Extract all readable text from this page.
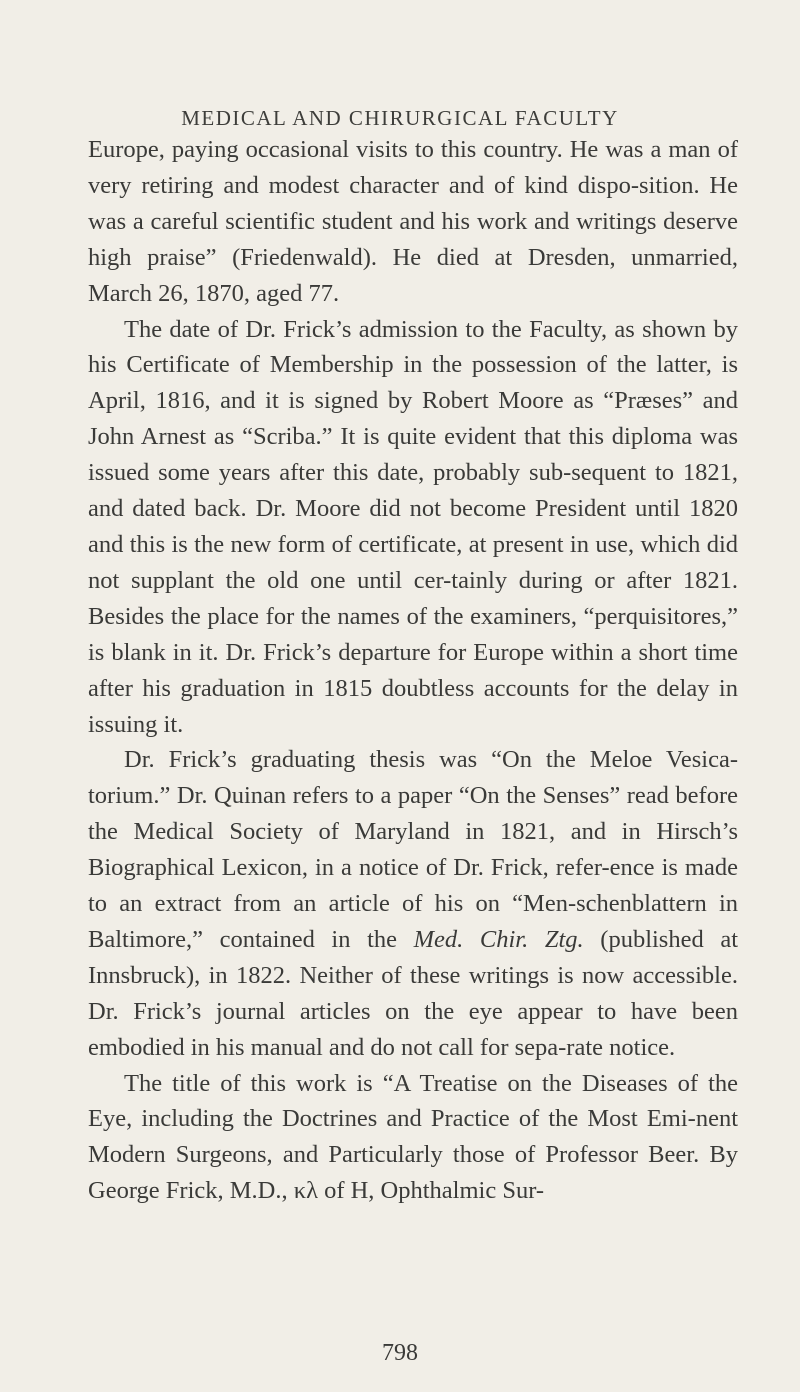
MEDICAL AND CHIRURGICAL FACULTY

Europe, paying occasional visits to this country. He was a man of very retiring and modest character and of kind dispo-sition. He was a careful scientific student and his work and writings deserve high praise” (Friedenwald). He died at Dresden, unmarried, March 26, 1870, aged 77.

The date of Dr. Frick’s admission to the Faculty, as shown by his Certificate of Membership in the possession of the latter, is April, 1816, and it is signed by Robert Moore as “Præses” and John Arnest as “Scriba.” It is quite evident that this diploma was issued some years after this date, probably sub-sequent to 1821, and dated back. Dr. Moore did not become President until 1820 and this is the new form of certificate, at present in use, which did not supplant the old one until cer-tainly during or after 1821. Besides the place for the names of the examiners, “perquisitores,” is blank in it. Dr. Frick’s departure for Europe within a short time after his graduation in 1815 doubtless accounts for the delay in issuing it.

Dr. Frick’s graduating thesis was “On the Meloe Vesica-torium.” Dr. Quinan refers to a paper “On the Senses” read before the Medical Society of Maryland in 1821, and in Hirsch’s Biographical Lexicon, in a notice of Dr. Frick, refer-ence is made to an extract from an article of his on “Men-schenblattern in Baltimore,” contained in the Med. Chir. Ztg. (published at Innsbruck), in 1822. Neither of these writings is now accessible. Dr. Frick’s journal articles on the eye appear to have been embodied in his manual and do not call for sepa-rate notice.

The title of this work is “A Treatise on the Diseases of the Eye, including the Doctrines and Practice of the Most Emi-nent Modern Surgeons, and Particularly those of Professor Beer. By George Frick, M.D., κλ of H, Ophthalmic Sur-

798
